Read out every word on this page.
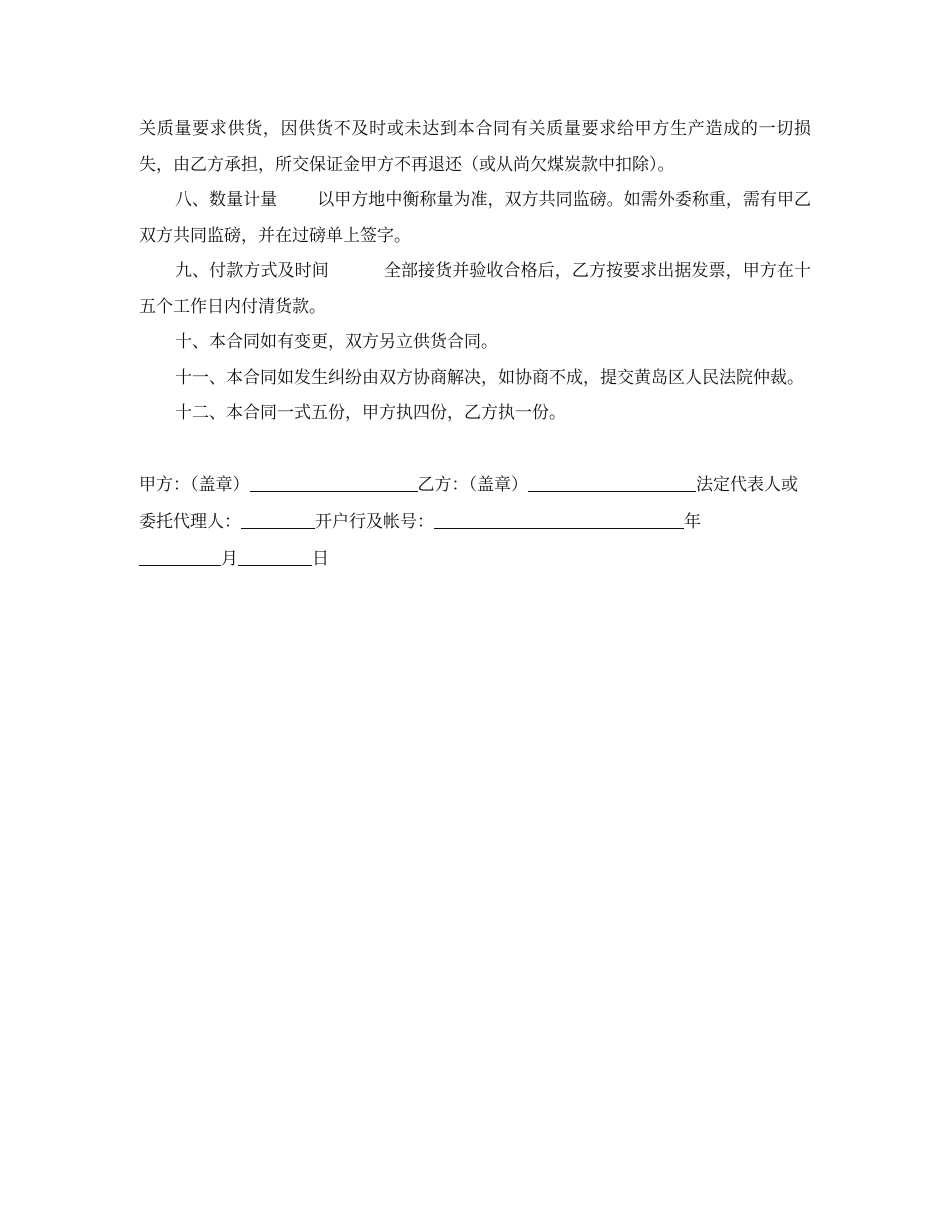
关质量要求供货，因供货不及时或未达到本合同有关质量要求给甲方生产造成的一切损失，由乙方承担，所交保证金甲方不再退还（或从尚欠煤炭款中扣除）。

八、数量计量 以甲方地中衡称量为准，双方共同监磅。如需外委称重，需有甲乙双方共同监磅，并在过磅单上签字。

九、付款方式及时间	全部接货并验收合格后，乙方按要求出据发票，甲方在十五个工作日内付清货款。

十、本合同如有变更，双方另立供货合同。

十一、本合同如发生纠纷由双方协商解决，如协商不成，提交黄岛区人民法院仲裁。

十二、本合同一式五份，甲方执四份，乙方执一份。

甲方：（盖章）	乙方：（盖章）	法定代表人或委托代理人：	开户行及帐号：	年
月	日
